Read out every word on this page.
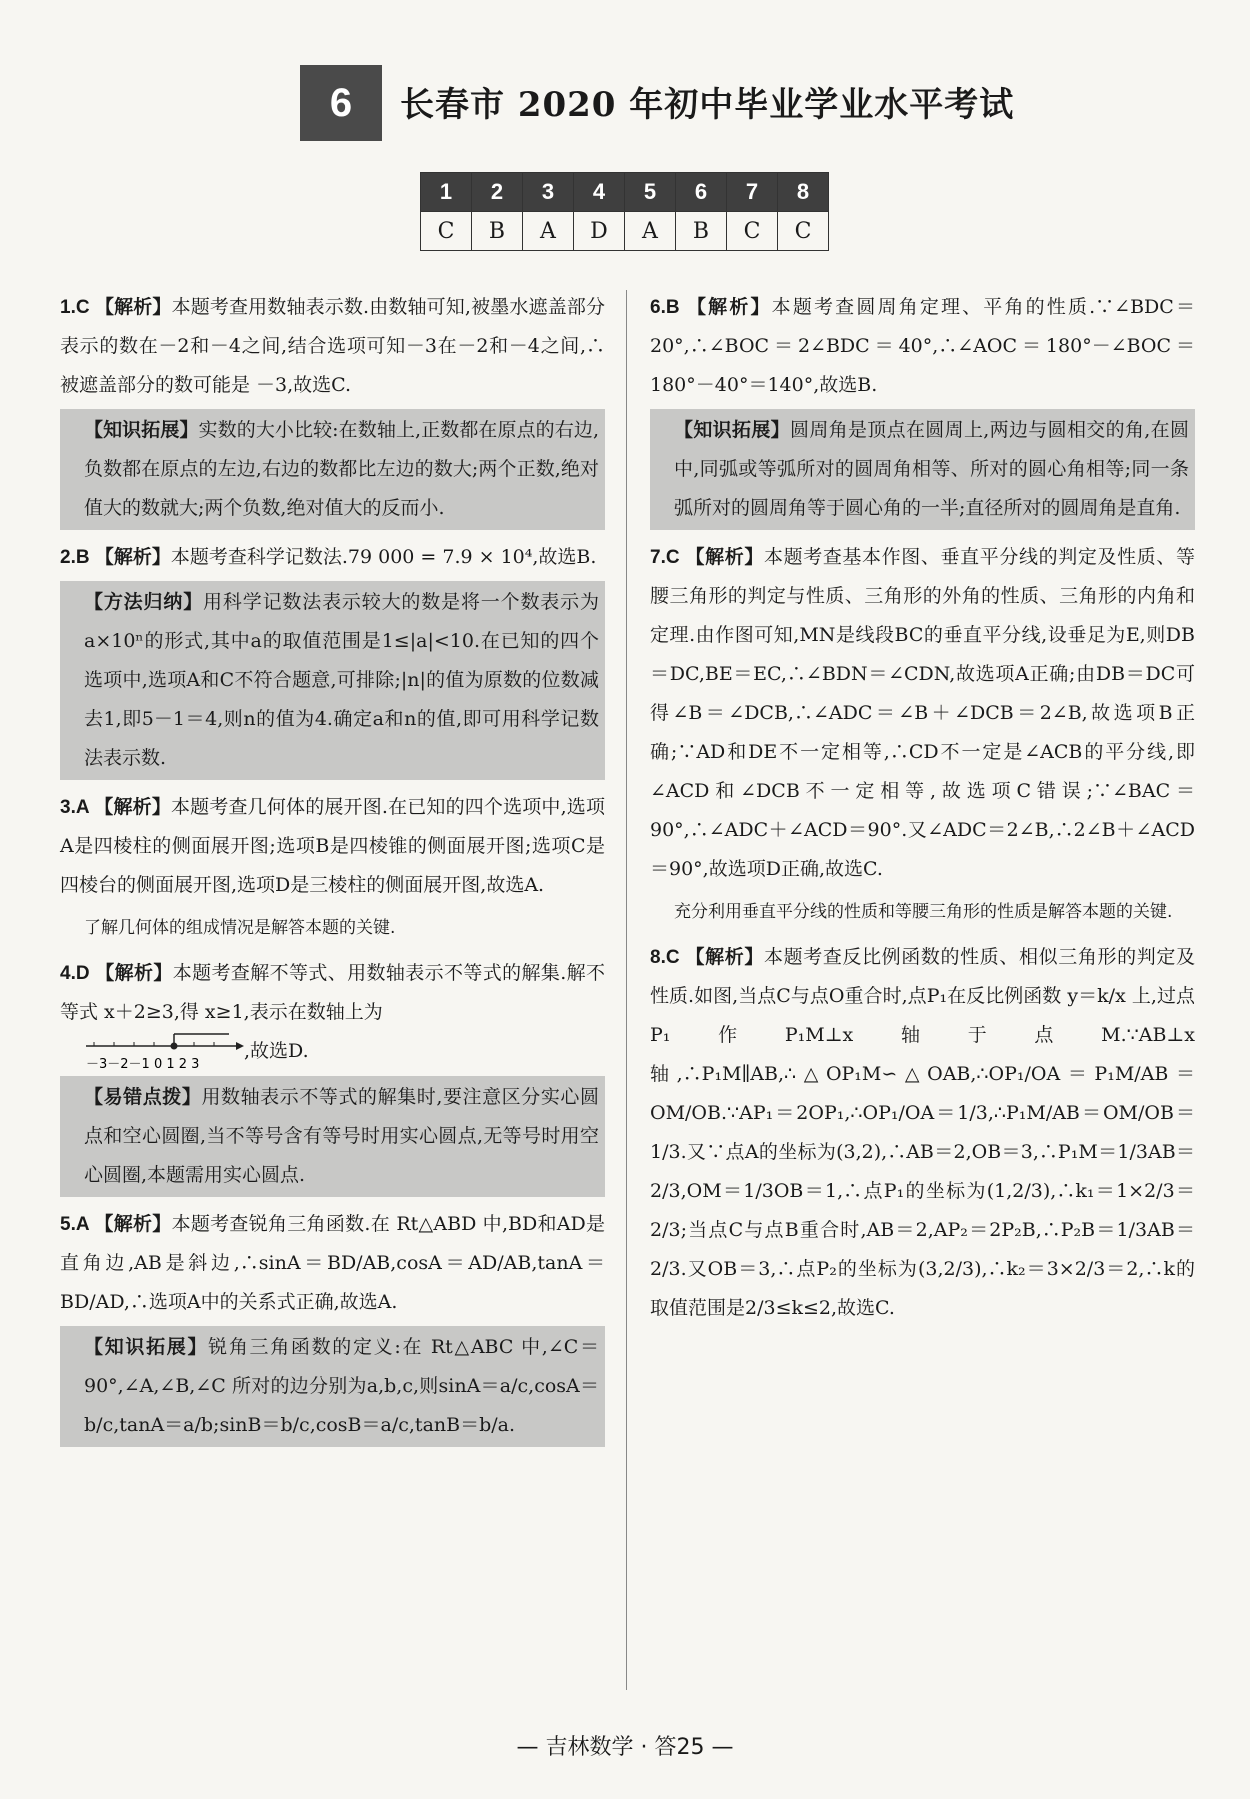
6	长春市 2020 年初中毕业学业水平考试
1	2	3	4	5	6	7	8
C	B	A	D	A	B	C	C
1.C 【解析】本题考查用数轴表示数.由数轴可知,被墨水遮盖部分表示的数在－2和－4之间,结合选项可知－3在－2和－4之间,∴被遮盖部分的数可能是 －3,故选C.
【知识拓展】实数的大小比较:在数轴上,正数都在原点的右边,负数都在原点的左边,右边的数都比左边的数大;两个正数,绝对值大的数就大;两个负数,绝对值大的反而小.
2.B 【解析】本题考查科学记数法.79 000 = 7.9 × 10⁴,故选B.
【方法归纳】用科学记数法表示较大的数是将一个数表示为a×10ⁿ的形式,其中a的取值范围是1≤|a|<10.在已知的四个选项中,选项A和C不符合题意,可排除;|n|的值为原数的位数减去1,即5－1＝4,则n的值为4.确定a和n的值,即可用科学记数法表示数.
3.A 【解析】本题考查几何体的展开图.在已知的四个选项中,选项A是四棱柱的侧面展开图;选项B是四棱锥的侧面展开图;选项C是四棱台的侧面展开图,选项D是三棱柱的侧面展开图,故选A.
了解几何体的组成情况是解答本题的关键.
4.D 【解析】本题考查解不等式、用数轴表示不等式的解集.解不等式 x＋2≥3,得 x≥1,表示在数轴上为
－3－2－1 0 1 2 3
,故选D.
【易错点拨】用数轴表示不等式的解集时,要注意区分实心圆点和空心圆圈,当不等号含有等号时用实心圆点,无等号时用空心圆圈,本题需用实心圆点.
5.A 【解析】本题考查锐角三角函数.在 Rt△ABD 中,BD和AD是直角边,AB是斜边,∴sinA＝BD/AB,cosA＝AD/AB,tanA＝BD/AD,∴选项A中的关系式正确,故选A.
【知识拓展】锐角三角函数的定义:在 Rt△ABC 中,∠C＝90°,∠A,∠B,∠C 所对的边分别为a,b,c,则sinA＝a/c,cosA＝b/c,tanA＝a/b;sinB＝b/c,cosB＝a/c,tanB＝b/a.
6.B 【解析】本题考查圆周角定理、平角的性质.∵∠BDC＝20°,∴∠BOC＝2∠BDC＝40°,∴∠AOC＝180°－∠BOC＝180°－40°＝140°,故选B.
【知识拓展】圆周角是顶点在圆周上,两边与圆相交的角,在圆中,同弧或等弧所对的圆周角相等、所对的圆心角相等;同一条弧所对的圆周角等于圆心角的一半;直径所对的圆周角是直角.
7.C 【解析】本题考查基本作图、垂直平分线的判定及性质、等腰三角形的判定与性质、三角形的外角的性质、三角形的内角和定理.由作图可知,MN是线段BC的垂直平分线,设垂足为E,则DB＝DC,BE＝EC,∴∠BDN＝∠CDN,故选项A正确;由DB＝DC可得∠B＝∠DCB,∴∠ADC＝∠B＋∠DCB＝2∠B,故选项B正确;∵AD和DE不一定相等,∴CD不一定是∠ACB的平分线,即∠ACD和∠DCB不一定相等,故选项C错误;∵∠BAC＝90°,∴∠ADC＋∠ACD＝90°.又∠ADC＝2∠B,∴2∠B＋∠ACD＝90°,故选项D正确,故选C.
充分利用垂直平分线的性质和等腰三角形的性质是解答本题的关键.
8.C 【解析】本题考查反比例函数的性质、相似三角形的判定及性质.如图,当点C与点O重合时,点P₁在反比例函数 y＝k/x 上,过点P₁作P₁M⊥x轴于点M.∵AB⊥x轴,∴P₁M∥AB,∴△OP₁M∽△OAB,∴OP₁/OA＝P₁M/AB＝OM/OB.∵AP₁＝2OP₁,∴OP₁/OA＝1/3,∴P₁M/AB＝OM/OB＝1/3.又∵点A的坐标为(3,2),∴AB＝2,OB＝3,∴P₁M＝1/3AB＝2/3,OM＝1/3OB＝1,∴点P₁的坐标为(1,2/3),∴k₁＝1×2/3＝2/3;当点C与点B重合时,AB＝2,AP₂＝2P₂B,∴P₂B＝1/3AB＝2/3.又OB＝3,∴点P₂的坐标为(3,2/3),∴k₂＝3×2/3＝2,∴k的取值范围是2/3≤k≤2,故选C.
— 吉林数学 · 答25 —
